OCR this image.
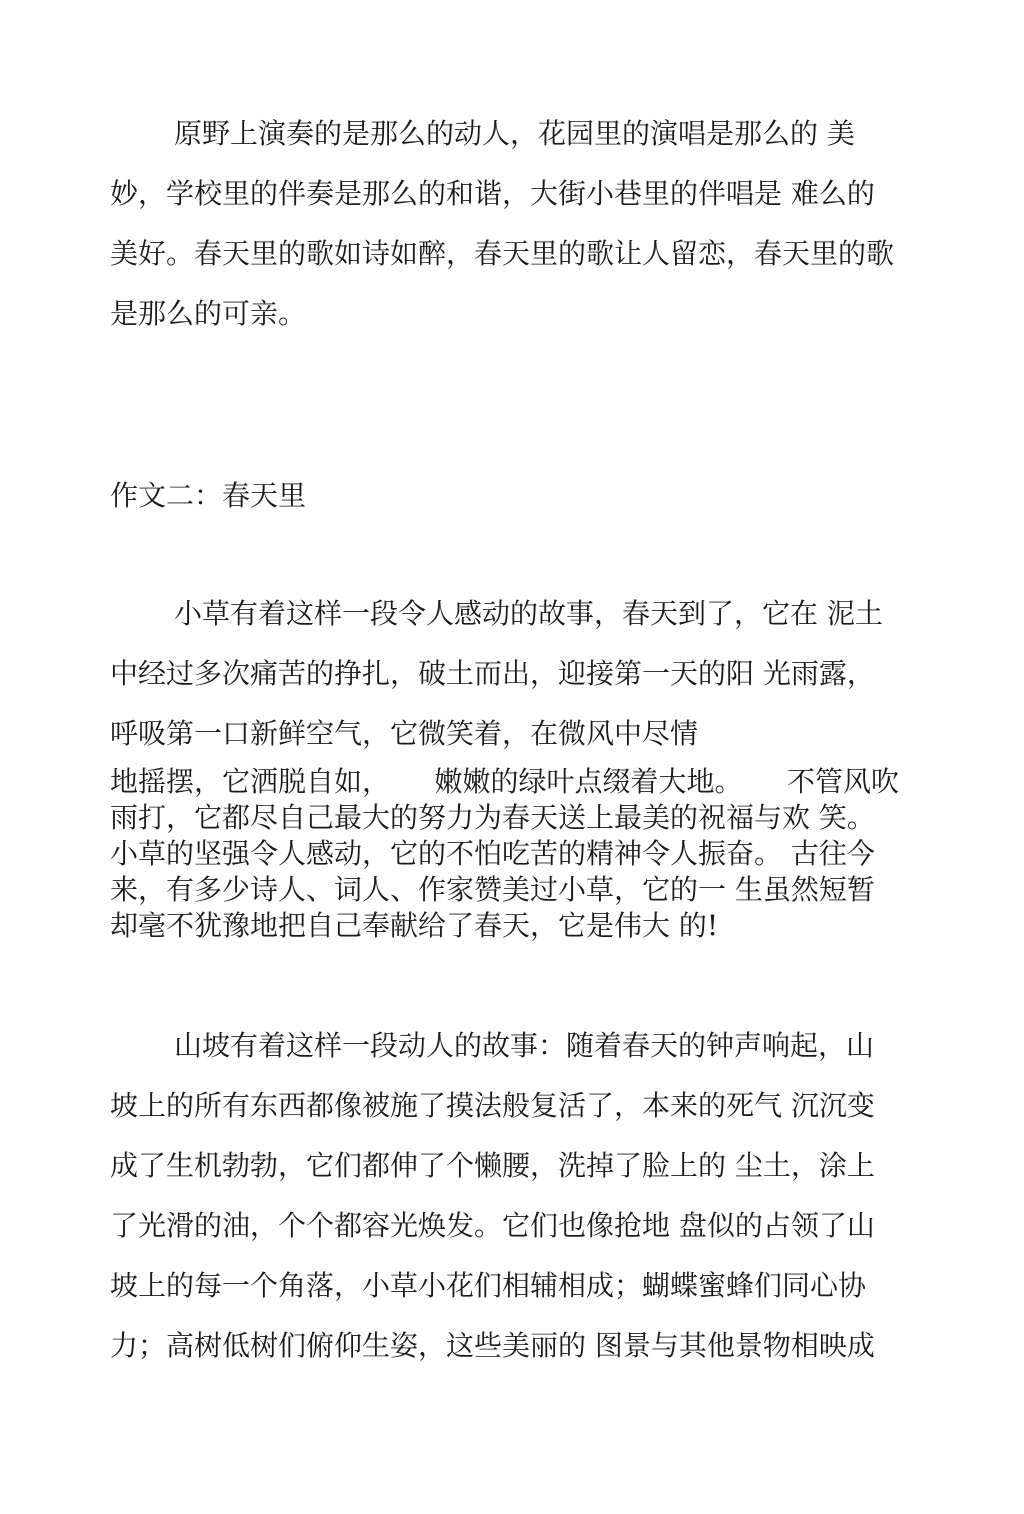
原野上演奏的是那么的动人，花园里的演唱是那么的 美
妙，学校里的伴奏是那么的和谐，大街小巷里的伴唱是 难么的
美好。春天里的歌如诗如醉，春天里的歌让人留恋，春天里的歌
是那么的可亲。
作文二：春天里
小草有着这样一段令人感动的故事，春天到了，它在 泥土
中经过多次痛苦的挣扎，破土而出，迎接第一天的阳 光雨露，
呼吸第一口新鲜空气，它微笑着，在微风中尽情
地摇摆，它洒脱自如，     嫩嫩的绿叶点缀着大地。     不管风吹
雨打，它都尽自己最大的努力为春天送上最美的祝福与欢 笑。
小草的坚强令人感动，它的不怕吃苦的精神令人振奋。 古往今
来，有多少诗人、词人、作家赞美过小草，它的一 生虽然短暂
却毫不犹豫地把自己奉献给了春天，它是伟大 的!
山坡有着这样一段动人的故事：随着春天的钟声响起，山
坡上的所有东西都像被施了摸法般复活了，本来的死气 沉沉变
成了生机勃勃，它们都伸了个懒腰，洗掉了脸上的 尘土，涂上
了光滑的油，个个都容光焕发。它们也像抢地 盘似的占领了山
坡上的每一个角落，小草小花们相辅相成；蝴蝶蜜蜂们同心协
力；高树低树们俯仰生姿，这些美丽的 图景与其他景物相映成
